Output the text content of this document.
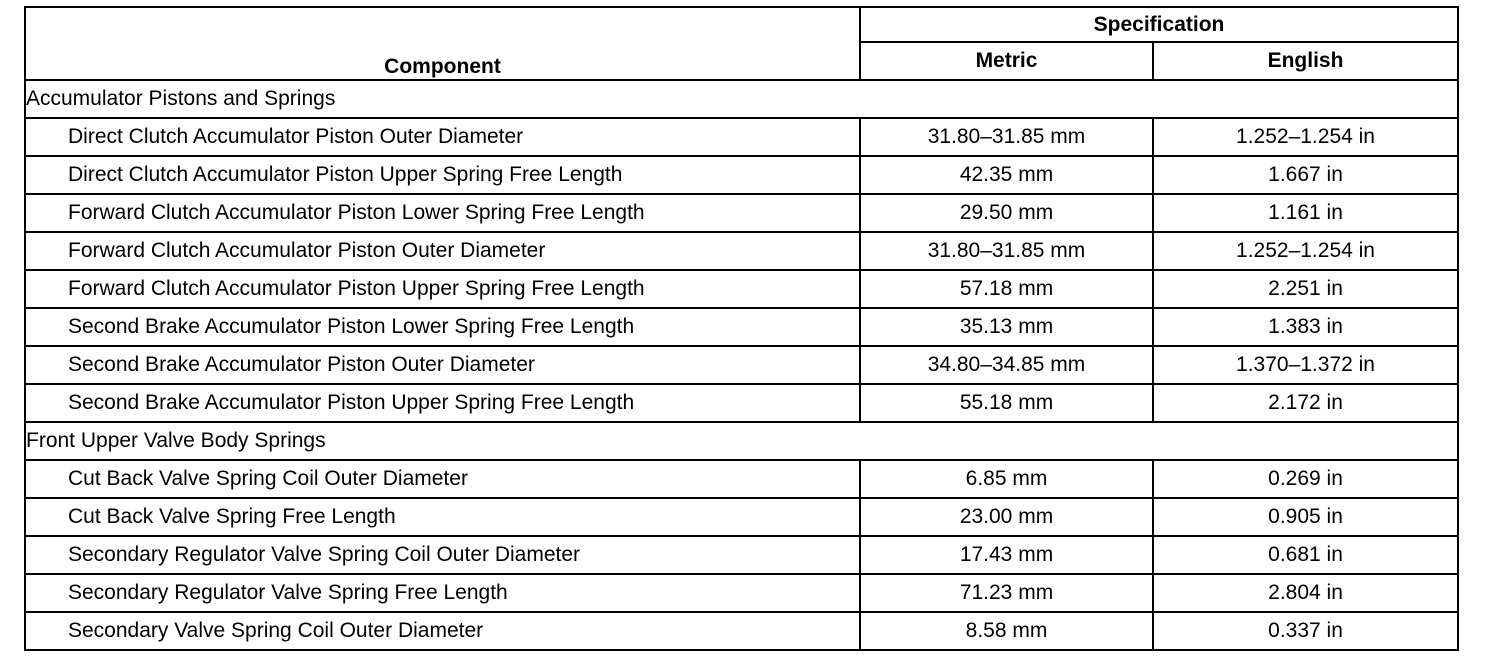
Component	Specification	
	Metric	English
Accumulator Pistons and Springs		
Direct Clutch Accumulator Piston Outer Diameter	31.80–31.85 mm	1.252–1.254 in
Direct Clutch Accumulator Piston Upper Spring Free Length	42.35 mm	1.667 in
Forward Clutch Accumulator Piston Lower Spring Free Length	29.50 mm	1.161 in
Forward Clutch Accumulator Piston Outer Diameter	31.80–31.85 mm	1.252–1.254 in
Forward Clutch Accumulator Piston Upper Spring Free Length	57.18 mm	2.251 in
Second Brake Accumulator Piston Lower Spring Free Length	35.13 mm	1.383 in
Second Brake Accumulator Piston Outer Diameter	34.80–34.85 mm	1.370–1.372 in
Second Brake Accumulator Piston Upper Spring Free Length	55.18 mm	2.172 in
Front Upper Valve Body Springs		
Cut Back Valve Spring Coil Outer Diameter	6.85 mm	0.269 in
Cut Back Valve Spring Free Length	23.00 mm	0.905 in
Secondary Regulator Valve Spring Coil Outer Diameter	17.43 mm	0.681 in
Secondary Regulator Valve Spring Free Length	71.23 mm	2.804 in
Secondary Valve Spring Coil Outer Diameter	8.58 mm	0.337 in
